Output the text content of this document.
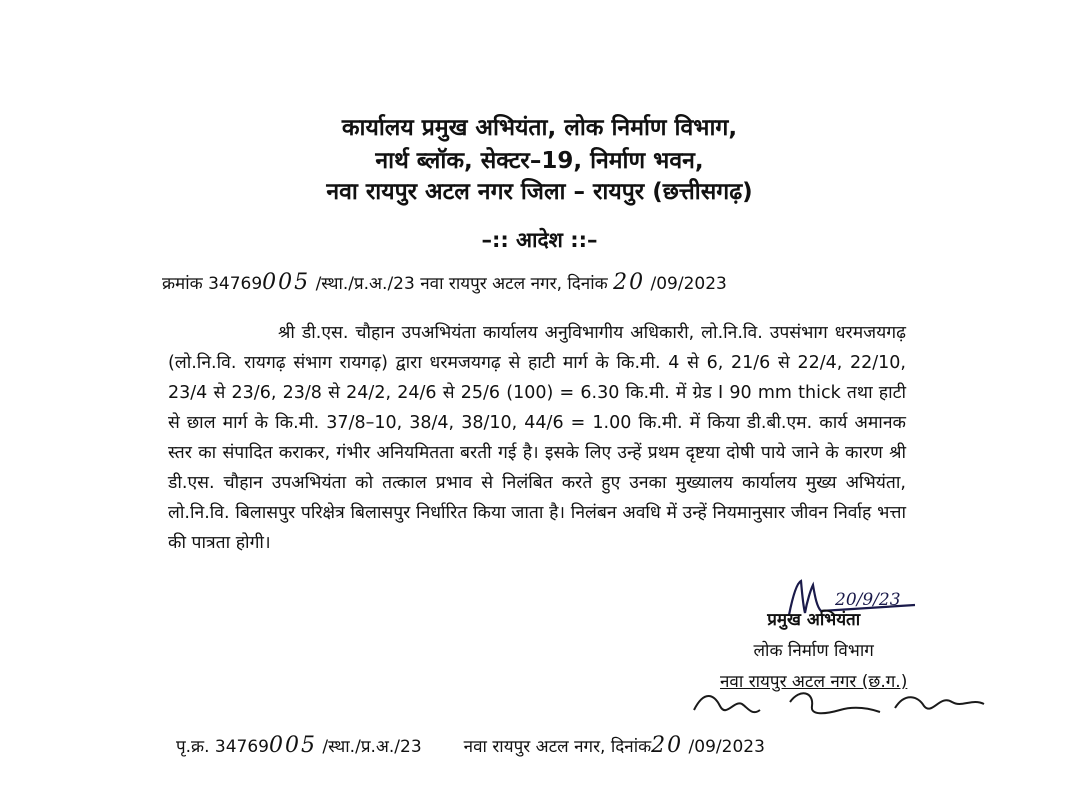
कार्यालय प्रमुख अभियंता, लोक निर्माण विभाग,
नार्थ ब्लॉक, सेक्टर–19, निर्माण भवन,
नवा रायपुर अटल नगर जिला – रायपुर (छत्तीसगढ़)
–:: आदेश ::–
क्रमांक 34769005 /स्था./प्र.अ./23 नवा रायपुर अटल नगर, दिनांक 20 /09/2023
श्री डी.एस. चौहान उपअभियंता कार्यालय अनुविभागीय अधिकारी, लो.नि.वि. उपसंभाग धरमजयगढ़ (लो.नि.वि. रायगढ़ संभाग रायगढ़) द्वारा धरमजयगढ़ से हाटी मार्ग के कि.मी. 4 से 6, 21/6 से 22/4, 22/10, 23/4 से 23/6, 23/8 से 24/2, 24/6 से 25/6 (100) = 6.30 कि.मी. में ग्रेड I 90 mm thick तथा हाटी से छाल मार्ग के कि.मी. 37/8–10, 38/4, 38/10, 44/6 = 1.00 कि.मी. में किया डी.बी.एम. कार्य अमानक स्तर का संपादित कराकर, गंभीर अनियमितता बरती गई है। इसके लिए उन्हें प्रथम दृष्टया दोषी पाये जाने के कारण श्री डी.एस. चौहान उपअभियंता को तत्काल प्रभाव से निलंबित करते हुए उनका मुख्यालय कार्यालय मुख्य अभियंता, लो.नि.वि. बिलासपुर परिक्षेत्र बिलासपुर निर्धारित किया जाता है। निलंबन अवधि में उन्हें नियमानुसार जीवन निर्वाह भत्ता की पात्रता होगी।
20/9/23
प्रमुख अभियंता
लोक निर्माण विभाग
नवा रायपुर अटल नगर (छ.ग.)
पृ.क्र. 34769005 /स्था./प्र.अ./23 नवा रायपुर अटल नगर, दिनांक20 /09/2023
